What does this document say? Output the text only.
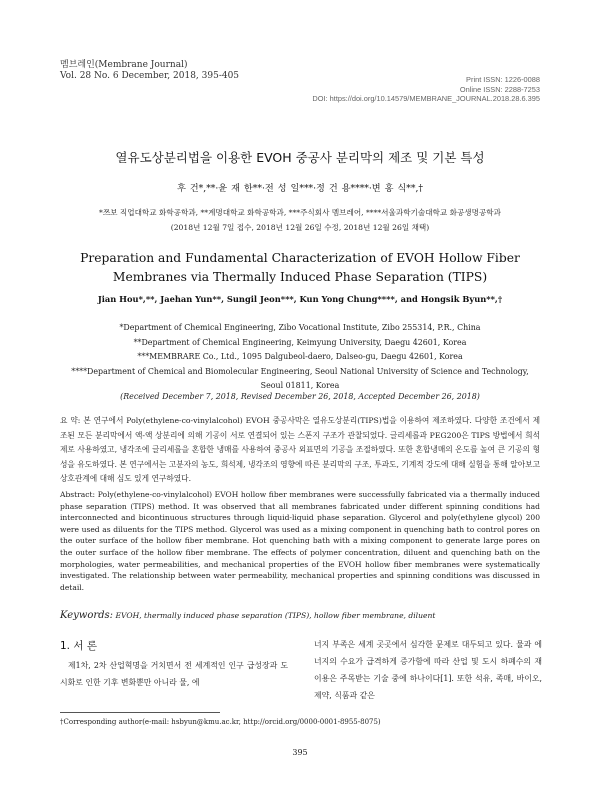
멤브레인(Membrane Journal)
Vol. 28 No. 6 December, 2018, 395-405	Print ISSN: 1226-0088
Online ISSN: 2288-7253
DOI: https://doi.org/10.14579/MEMBRANE_JOURNAL.2018.28.6.395
열유도상분리법을 이용한 EVOH 중공사 분리막의 제조 및 기본 특성
후 건*,**·윤 재 한**·전 성 일***·정 건 용****·변 홍 식**,†
*쯔보 직업대학교 화학공학과, **계명대학교 화학공학과, ***주식회사 멤브레어, ****서울과학기술대학교 화공생명공학과
(2018년 12월 7일 접수, 2018년 12월 26일 수정, 2018년 12월 26일 채택)
Preparation and Fundamental Characterization of EVOH Hollow Fiber Membranes via Thermally Induced Phase Separation (TIPS)
Jian Hou*,**, Jaehan Yun**, Sungil Jeon***, Kun Yong Chung****, and Hongsik Byun**,†
*Department of Chemical Engineering, Zibo Vocational Institute, Zibo 255314, P.R., China
**Department of Chemical Engineering, Keimyung University, Daegu 42601, Korea
***MEMBRARE Co., Ltd., 1095 Dalgubeol-daero, Dalseo-gu, Daegu 42601, Korea
****Department of Chemical and Biomolecular Engineering, Seoul National University of Science and Technology, Seoul 01811, Korea
(Received December 7, 2018, Revised December 26, 2018, Accepted December 26, 2018)
요 약: 본 연구에서 Poly(ethylene-co-vinylalcohol) EVOH 중공사막은 열유도상분리(TIPS)법을 이용하여 제조하였다. 다양한 조건에서 제조된 모든 분리막에서 액-액 상분리에 의해 기공이 서로 연결되어 있는 스폰지 구조가 관찰되었다. 글리세롤과 PEG200은 TIPS 방법에서 희석제로 사용하였고, 냉각조에 글리세롤을 혼합한 냉매를 사용하여 중공사 외표면의 기공을 조절하였다. 또한 혼합냉매의 온도를 높여 큰 기공의 형성을 유도하였다. 본 연구에서는 고분자의 농도, 희석제, 냉각조의 영향에 따른 분리막의 구조, 투과도, 기계적 강도에 대해 실험을 통해 알아보고 상호관계에 대해 심도 있게 연구하였다.
Abstract: Poly(ethylene-co-vinylalcohol) EVOH hollow fiber membranes were successfully fabricated via a thermally induced phase separation (TIPS) method. It was observed that all membranes fabricated under different spinning conditions had interconnected and bicontinuous structures through liquid-liquid phase separation. Glycerol and poly(ethylene glycol) 200 were used as diluents for the TIPS method. Glycerol was used as a mixing component in quenching bath to control pores on the outer surface of the hollow fiber membrane. Hot quenching bath with a mixing component to generate large pores on the outer surface of the hollow fiber membrane. The effects of polymer concentration, diluent and quenching bath on the morphologies, water permeabilities, and mechanical properties of the EVOH hollow fiber membranes were systematically investigated. The relationship between water permeability, mechanical properties and spinning conditions was discussed in detail.
Keywords: EVOH, thermally induced phase separation (TIPS), hollow fiber membrane, diluent
1. 서 론
제1차, 2차 산업혁명을 거치면서 전 세계적인 인구 급성장과 도시화로 인한 기후 변화뿐만 아니라 물, 에
너지 부족은 세계 곳곳에서 심각한 문제로 대두되고 있다. 물과 에너지의 수요가 급격하게 증가함에 따라 산업 및 도시 하폐수의 재이용은 주목받는 기술 중에 하나이다[1]. 또한 석유, 족매, 바이오, 제약, 식품과 같은
†Corresponding author(e-mail: hsbyun@kmu.ac.kr, http://orcid.org/0000-0001-8955-8075)
395
